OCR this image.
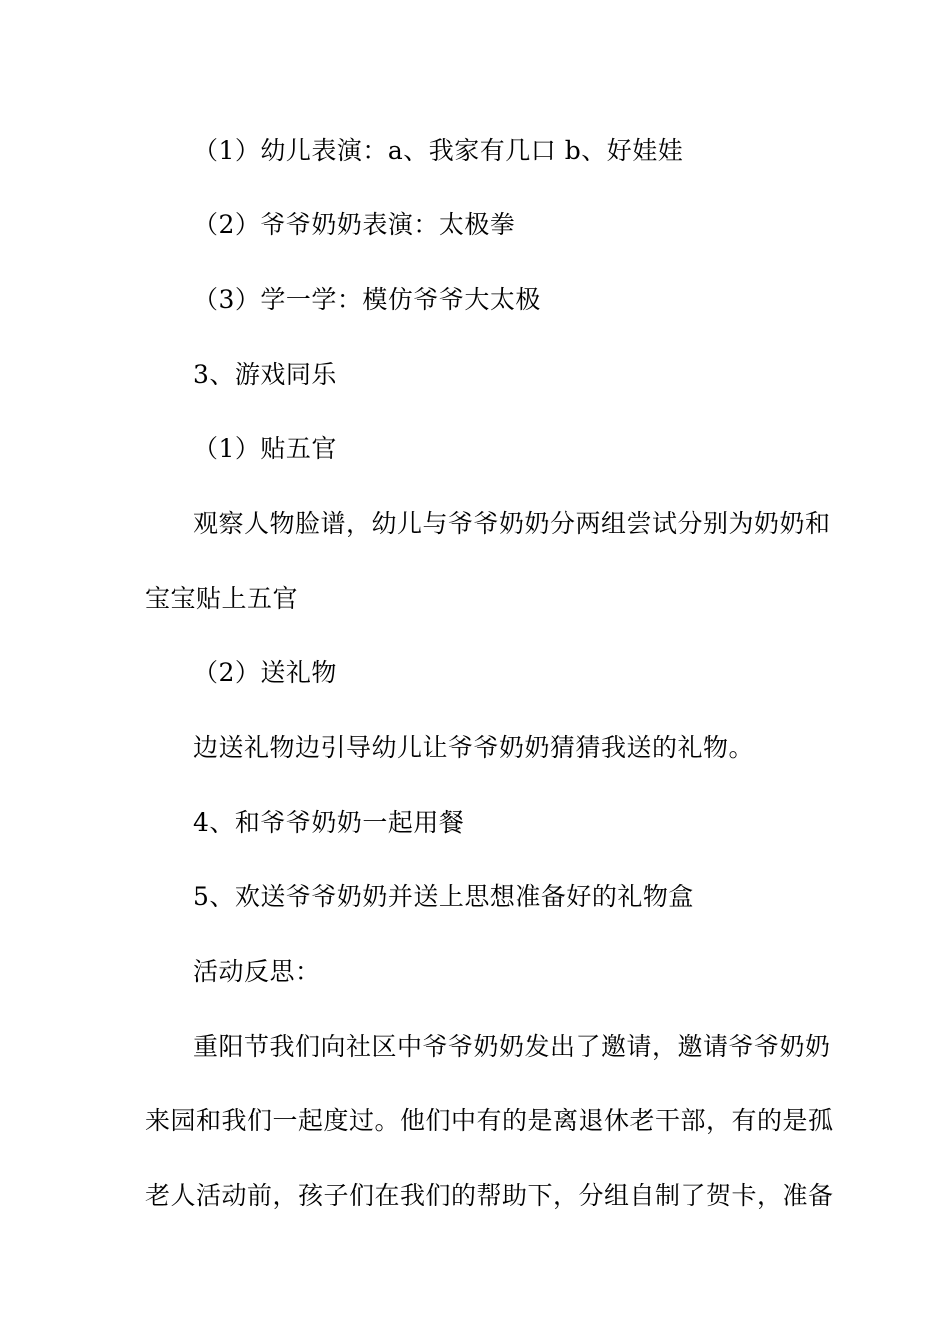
（1）幼儿表演：a、我家有几口 b、好娃娃
（2）爷爷奶奶表演：太极拳
（3）学一学：模仿爷爷大太极
3、游戏同乐
（1）贴五官
观察人物脸谱，幼儿与爷爷奶奶分两组尝试分别为奶奶和
宝宝贴上五官
（2）送礼物
边送礼物边引导幼儿让爷爷奶奶猜猜我送的礼物。
4、和爷爷奶奶一起用餐
5、欢送爷爷奶奶并送上思想准备好的礼物盒
活动反思：
重阳节我们向社区中爷爷奶奶发出了邀请，邀请爷爷奶奶
来园和我们一起度过。他们中有的是离退休老干部，有的是孤
老人活动前，孩子们在我们的帮助下，分组自制了贺卡，准备
